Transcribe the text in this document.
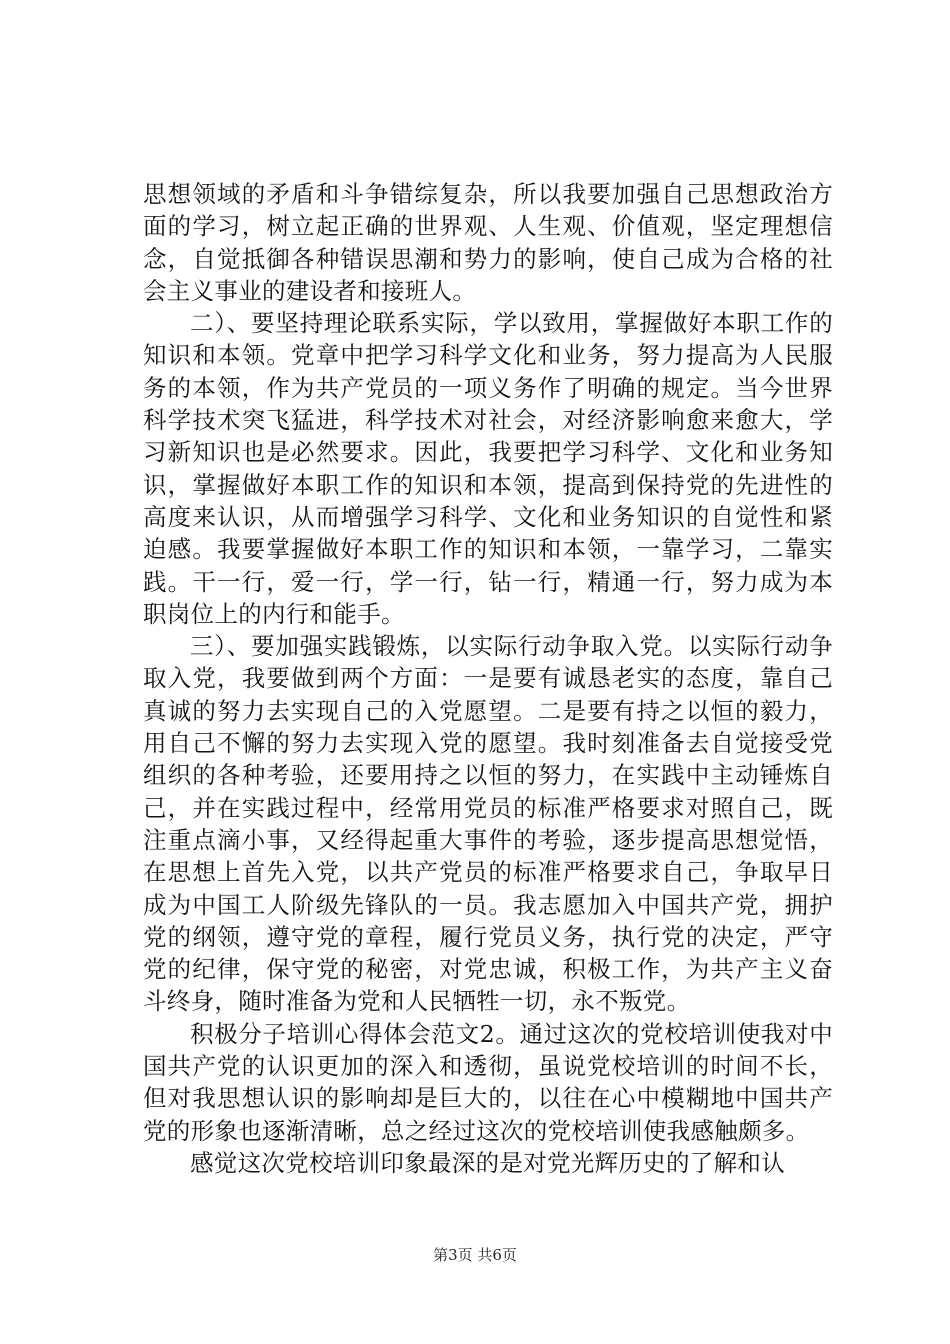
思想领域的矛盾和斗争错综复杂，所以我要加强自己思想政治方面的学习，树立起正确的世界观、人生观、价值观，坚定理想信念，自觉抵御各种错误思潮和势力的影响，使自己成为合格的社会主义事业的建设者和接班人。

二）、要坚持理论联系实际，学以致用，掌握做好本职工作的知识和本领。党章中把学习科学文化和业务，努力提高为人民服务的本领，作为共产党员的一项义务作了明确的规定。当今世界科学技术突飞猛进，科学技术对社会，对经济影响愈来愈大，学习新知识也是必然要求。因此，我要把学习科学、文化和业务知识，掌握做好本职工作的知识和本领，提高到保持党的先进性的高度来认识，从而增强学习科学、文化和业务知识的自觉性和紧迫感。我要掌握做好本职工作的知识和本领，一靠学习，二靠实践。干一行，爱一行，学一行，钻一行，精通一行，努力成为本职岗位上的内行和能手。

三）、要加强实践锻炼，以实际行动争取入党。以实际行动争取入党，我要做到两个方面：一是要有诚恳老实的态度，靠自己真诚的努力去实现自己的入党愿望。二是要有持之以恒的毅力，用自己不懈的努力去实现入党的愿望。我时刻准备去自觉接受党组织的各种考验，还要用持之以恒的努力，在实践中主动锤炼自己，并在实践过程中，经常用党员的标准严格要求对照自己，既注重点滴小事，又经得起重大事件的考验，逐步提高思想觉悟，在思想上首先入党，以共产党员的标准严格要求自己，争取早日成为中国工人阶级先锋队的一员。我志愿加入中国共产党，拥护党的纲领，遵守党的章程，履行党员义务，执行党的决定，严守党的纪律，保守党的秘密，对党忠诚，积极工作，为共产主义奋斗终身，随时准备为党和人民牺牲一切，永不叛党。

积极分子培训心得体会范文2。通过这次的党校培训使我对中国共产党的认识更加的深入和透彻，虽说党校培训的时间不长，但对我思想认识的影响却是巨大的，以往在心中模糊地中国共产党的形象也逐渐清晰，总之经过这次的党校培训使我感触颇多。

感觉这次党校培训印象最深的是对党光辉历史的了解和认

第3页 共6页
